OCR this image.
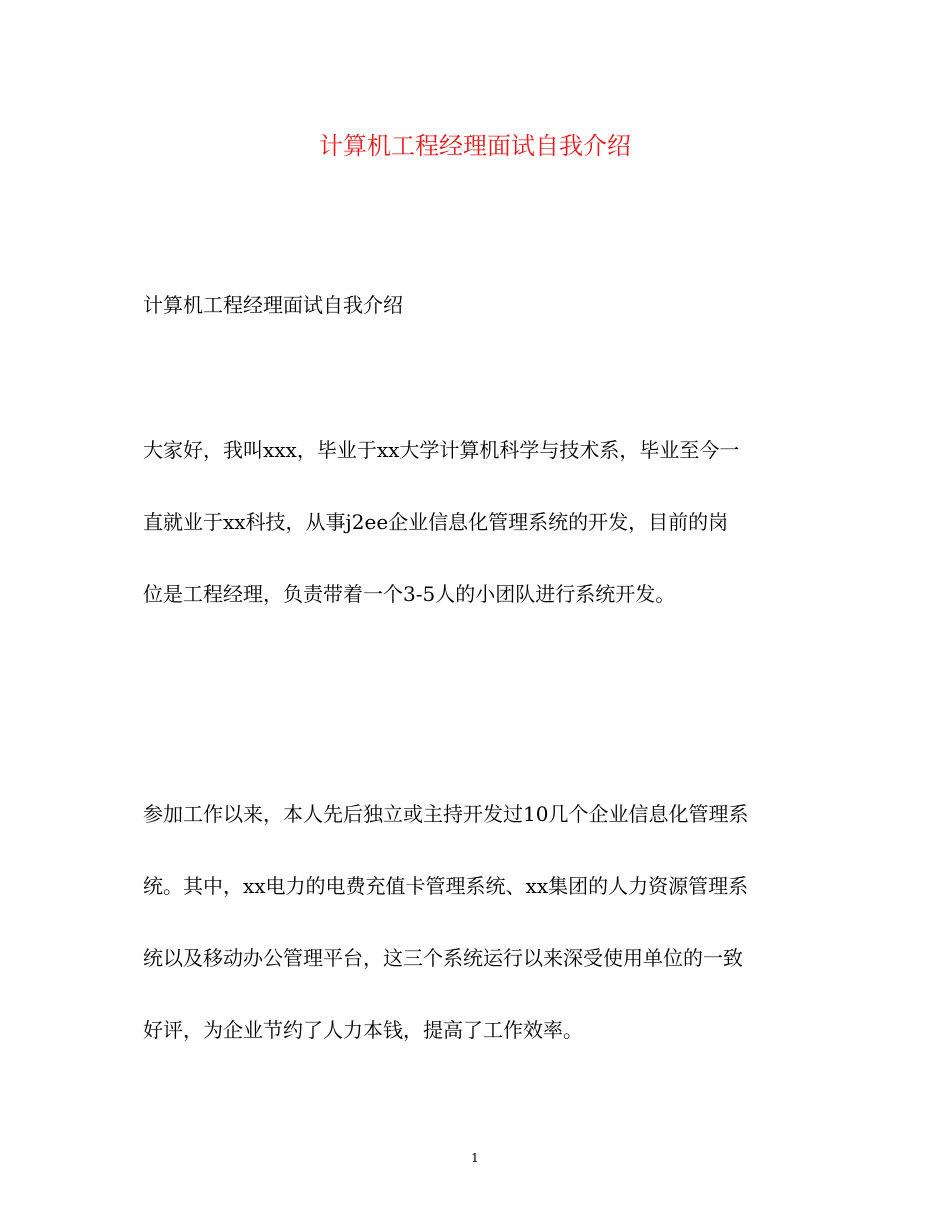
计算机工程经理面试自我介绍

计算机工程经理面试自我介绍

大家好，我叫xxx，毕业于xx大学计算机科学与技术系，毕业至今一
直就业于xx科技，从事j2ee企业信息化管理系统的开发，目前的岗
位是工程经理，负责带着一个3-5人的小团队进行系统开发。
参加工作以来，本人先后独立或主持开发过10几个企业信息化管理系
统。其中，xx电力的电费充值卡管理系统、xx集团的人力资源管理系
统以及移动办公管理平台，这三个系统运行以来深受使用单位的一致
好评，为企业节约了人力本钱，提高了工作效率。
1
